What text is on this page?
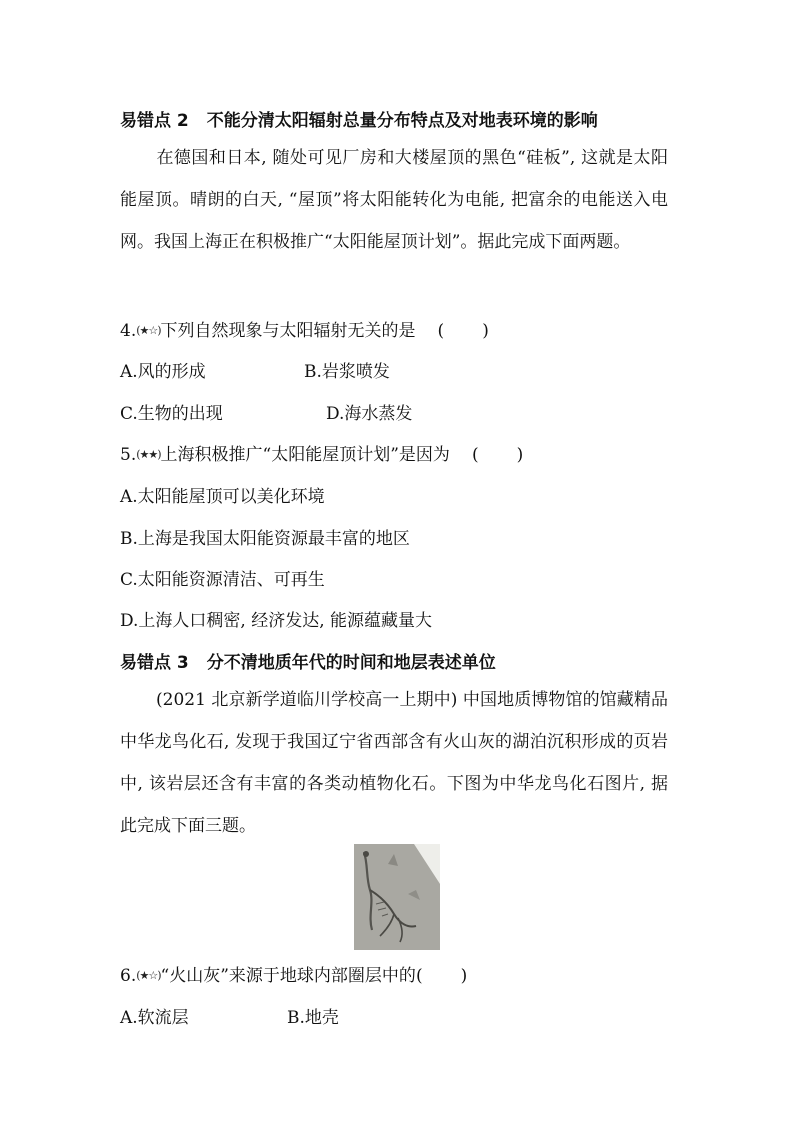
易错点 2 不能分清太阳辐射总量分布特点及对地表环境的影响
在德国和日本, 随处可见厂房和大楼屋顶的黑色“硅板”, 这就是太阳能屋顶。晴朗的白天, “屋顶”将太阳能转化为电能, 把富余的电能送入电网。我国上海正在积极推广“太阳能屋顶计划”。据此完成下面两题。
4.(★☆)下列自然现象与太阳辐射无关的是 ( )
A.风的形成	B.岩浆喷发
C.生物的出现	D.海水蒸发
5.(★★)上海积极推广“太阳能屋顶计划”是因为 ( )
A.太阳能屋顶可以美化环境
B.上海是我国太阳能资源最丰富的地区
C.太阳能资源清洁、可再生
D.上海人口稠密, 经济发达, 能源蕴藏量大
易错点 3 分不清地质年代的时间和地层表述单位
(2021 北京新学道临川学校高一上期中) 中国地质博物馆的馆藏精品中华龙鸟化石, 发现于我国辽宁省西部含有火山灰的湖泊沉积形成的页岩中, 该岩层还含有丰富的各类动植物化石。下图为中华龙鸟化石图片, 据此完成下面三题。
6.(★☆)“火山灰”来源于地球内部圈层中的( )
A.软流层	B.地壳
